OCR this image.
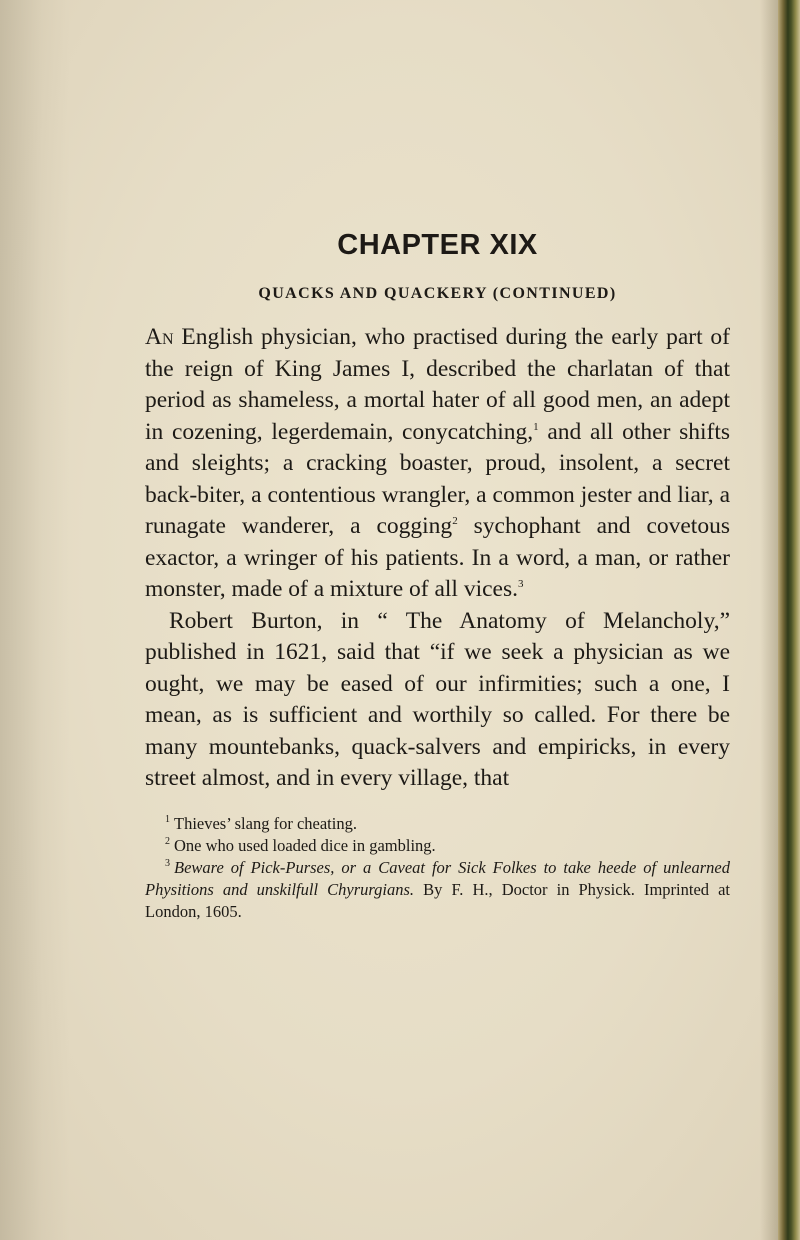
CHAPTER XIX
QUACKS AND QUACKERY (CONTINUED)

An English physician, who practised during the early part of the reign of King James I, described the charlatan of that period as shameless, a mortal hater of all good men, an adept in cozening, legerdemain, conycatching,$^1$ and all other shifts and sleights; a cracking boaster, proud, insolent, a secret back-biter, a contentious wrangler, a common jester and liar, a runagate wanderer, a cogging$^2$ sychophant and covetous exactor, a wringer of his patients. In a word, a man, or rather monster, made of a mixture of all vices.$^3$

Robert Burton, in “ The Anatomy of Melancholy,” published in 1621, said that “if we seek a physician as we ought, we may be eased of our infirmities; such a one, I mean, as is sufficient and worthily so called. For there be many mountebanks, quack-salvers and empiricks, in every street almost, and in every village, that

$^1$ Thieves’ slang for cheating.

$^2$ One who used loaded dice in gambling.

$^3$ Beware of Pick-Purses, or a Caveat for Sick Folkes to take heede of unlearned Physitions and unskilfull Chyrurgians. By F. H., Doctor in Physick. Imprinted at London, 1605.
